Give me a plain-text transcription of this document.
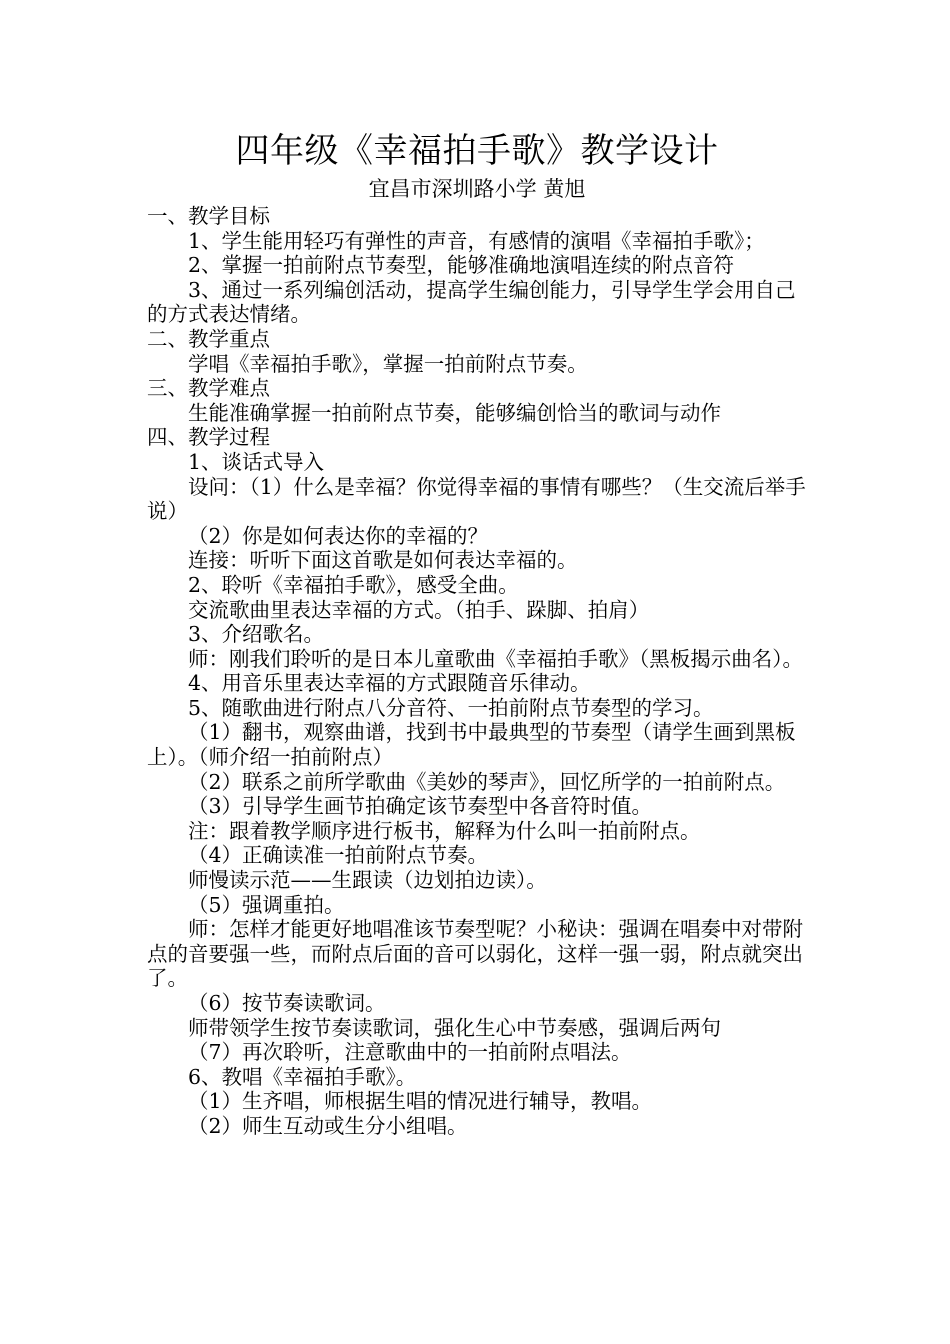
四年级《幸福拍手歌》教学设计

宜昌市深圳路小学 黄旭

一、教学目标

1、学生能用轻巧有弹性的声音，有感情的演唱《幸福拍手歌》；

2、掌握一拍前附点节奏型，能够准确地演唱连续的附点音符

3、通过一系列编创活动，提高学生编创能力，引导学生学会用自己的方式表达情绪。

二、教学重点

学唱《幸福拍手歌》，掌握一拍前附点节奏。

三、教学难点

生能准确掌握一拍前附点节奏，能够编创恰当的歌词与动作

四、教学过程

1、谈话式导入

设问：（1）什么是幸福？你觉得幸福的事情有哪些？（生交流后举手说）

（2）你是如何表达你的幸福的？

连接：听听下面这首歌是如何表达幸福的。

2、聆听《幸福拍手歌》，感受全曲。

交流歌曲里表达幸福的方式。（拍手、跺脚、拍肩）

3、介绍歌名。

师：刚我们聆听的是日本儿童歌曲《幸福拍手歌》（黑板揭示曲名）。

4、用音乐里表达幸福的方式跟随音乐律动。

5、随歌曲进行附点八分音符、一拍前附点节奏型的学习。

（1）翻书，观察曲谱，找到书中最典型的节奏型（请学生画到黑板上）。（师介绍一拍前附点）

（2）联系之前所学歌曲《美妙的琴声》，回忆所学的一拍前附点。

（3）引导学生画节拍确定该节奏型中各音符时值。

注：跟着教学顺序进行板书，解释为什么叫一拍前附点。

（4）正确读准一拍前附点节奏。

师慢读示范——生跟读（边划拍边读）。

（5）强调重拍。

师：怎样才能更好地唱准该节奏型呢？小秘诀：强调在唱奏中对带附点的音要强一些，而附点后面的音可以弱化，这样一强一弱，附点就突出了。

（6）按节奏读歌词。

师带领学生按节奏读歌词，强化生心中节奏感，强调后两句

（7）再次聆听，注意歌曲中的一拍前附点唱法。

6、教唱《幸福拍手歌》。

（1）生齐唱，师根据生唱的情况进行辅导，教唱。

（2）师生互动或生分小组唱。
